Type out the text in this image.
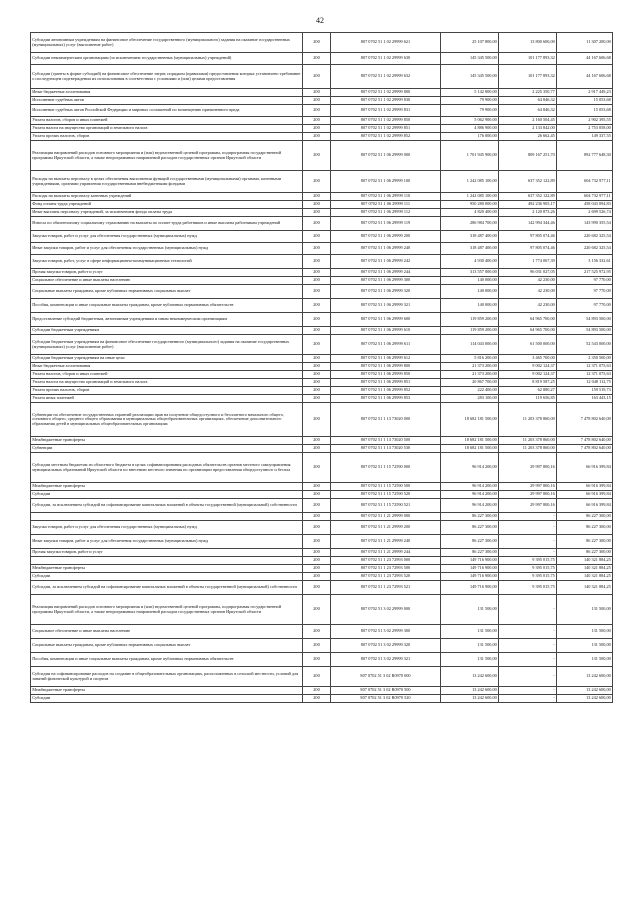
42
Субсидии автономным учреждениям на финансовое обеспечение государственного (муниципального) задания на оказание государственных (муниципальных) услуг (выполнение работ)	200	807 0702 51 1 02 29999 621	25 107 800,00	13 800 600,00	11 307 200,00
Субсидии некоммерческим организациям (за исключением государственных (муниципальных) учреждений)	200	807 0702 51 1 02 29999 630	145 345 500,00	101 177 893,32	44 167 606,68
Субсидии (гранты в форме субсидий) на финансовое обеспечение затрат, порядком (правилами) предоставления которых установлено требование о последующем подтверждении их использования в соответствии с условиями и (или) целями предоставления	200	807 0702 51 1 02 29999 632	145 345 500,00	101 177 893,32	44 167 606,68
Иные бюджетные ассигнования	200	807 0702 51 1 02 29999 800	5 142 800,00	2 225 350,77	2 917 449,23
Исполнение судебных актов	200	807 0702 51 1 02 29999 830	79 900,00	64 846,32	15 053,68
Исполнение судебных актов Российской Федерации и мировых соглашений по возмещению причиненного вреда	200	807 0702 51 1 02 29999 831	79 900,00	64 846,32	15 053,68
Уплата налогов, сборов и иных платежей	200	807 0702 51 1 02 29999 850	5 062 900,00	2 160 504,45	2 902 395,55
Уплата налога на имущество организаций и земельного налога	200	807 0702 51 1 02 29999 851	4 886 900,00	2 133 842,00	2 753 058,00
Уплата прочих налогов, сборов	200	807 0702 51 1 02 29999 852	176 000,00	26 662,45	149 337,55
Реализация направлений расходов основного мероприятия и (или) ведомственной целевой программы, подпрограммы государственной программы Иркутской области, а также непрограммных направлений расходов государственных органов Иркутской области	200	807 0702 51 1 06 29999 000	1 701 945 900,00	809 167 251,70	892 777 648,30
Расходы на выплаты персоналу в целях обеспечения выполнения функций государственными (муниципальными) органами, казенными учреждениями, органами управления государственными внебюджетными фондами	200	807 0702 51 1 06 29999 100	1 242 085 100,00	637 352 122,89	604 732 977,11
Расходы на выплаты персоналу казенных учреждений	200	807 0702 51 1 06 29999 110	1 242 085 100,00	637 352 122,89	604 732 977,11
Фонд оплаты труда учреждений	200	807 0702 51 1 06 29999 111	950 280 000,00	492 236 905,17	458 043 094,83
Иные выплаты персоналу учреждений, за исключением фонда оплаты труда	200	807 0702 51 1 06 29999 112	4 820 400,00	2 120 873,26	2 699 526,74
Взносы по обязательному социальному страхованию на выплаты по оплате труда работников и иные выплаты работникам учреждений	200	807 0702 51 1 06 29999 119	286 984 700,00	142 994 344,46	143 990 355,54
Закупка товаров, работ и услуг для обеспечения государственных (муниципальных) нужд	200	807 0702 51 1 06 29999 200	318 487 400,00	97 805 074,46	220 682 325,54
Иные закупки товаров, работ и услуг для обеспечения государственных (муниципальных) нужд	200	807 0702 51 1 06 29999 240	318 487 400,00	97 805 074,46	220 682 325,54
Закупка товаров, работ, услуг в сфере информационно-коммуникационных технологий	200	807 0702 51 1 06 29999 242	4 930 400,00	1 774 067,39	3 156 332,61
Прочая закупка товаров, работ и услуг	200	807 0702 51 1 06 29999 244	313 557 000,00	96 031 027,05	217 525 972,95
Социальное обеспечение и иные выплаты населению	200	807 0702 51 1 06 29999 300	140 000,00	42 230,00	97 770,00
Социальные выплаты гражданам, кроме публичных нормативных социальных выплат	200	807 0702 51 1 06 29999 320	140 000,00	42 230,00	97 770,00
Пособия, компенсации и иные социальные выплаты гражданам, кроме публичных нормативных обязательств	200	807 0702 51 1 06 29999 321	140 000,00	42 230,00	97 770,00
Предоставление субсидий бюджетным, автономным учреждениям и иным некоммерческим организациям	200	807 0702 51 1 06 29999 600	119 859 200,00	64 965 700,00	54 893 500,00
Субсидии бюджетным учреждениям	200	807 0702 51 1 06 29999 610	119 859 200,00	64 965 700,00	54 893 500,00
Субсидии бюджетным учреждениям на финансовое обеспечение государственного (муниципального) задания на оказание государственных (муниципальных) услуг (выполнение работ)	200	807 0702 51 1 06 29999 611	114 043 000,00	61 500 000,00	52 543 000,00
Субсидии бюджетным учреждениям на иные цели	200	807 0702 51 1 06 29999 612	5 816 200,00	3 465 700,00	2 350 500,00
Иные бюджетные ассигнования	200	807 0702 51 1 06 29999 800	21 373 200,00	9 002 124,37	12 371 075,63
Уплата налогов, сборов и иных платежей	200	807 0702 51 1 06 29999 850	21 373 200,00	9 002 124,37	12 371 075,63
Уплата налога на имущество организаций и земельного налога	200	807 0702 51 1 06 29999 851	20 867 700,00	8 819 587,25	12 048 112,75
Уплата прочих налогов, сборов	200	807 0702 51 1 06 29999 852	222 400,00	62 880,27	159 519,73
Уплата иных платежей	200	807 0702 51 1 06 29999 853	283 100,00	119 656,85	163 443,15
Субвенции на обеспечение государственных гарантий реализации прав на получение общедоступного и бесплатного начального общего, основного общего, среднего общего образования в муниципальных общеобразовательных организациях, обеспечение дополнительного образования детей в муниципальных общеобразовательных организациях	200	807 0702 51 1 13 73020 000	18 682 181 500,00	11 203 378 860,00	7 478 802 640,00
Межбюджетные трансферты	200	807 0702 51 1 13 73020 500	18 682 181 500,00	11 203 378 860,00	7 478 802 640,00
Субвенции	200	807 0702 51 1 13 73020 530	18 682 181 500,00	11 203 378 860,00	7 478 802 640,00
Субсидии местным бюджетам из областного бюджета в целях софинансирования расходных обязательств органов местного самоуправления муниципальных образований Иркутской области по внесению местного значения по организации предоставления общедоступного и беспла	200	807 0702 51 1 15 72590 000	96 914 200,00	29 997 800,16	66 916 399,84
Межбюджетные трансферты	200	807 0702 51 1 15 72590 500	96 914 200,00	29 997 800,16	66 916 399,84
Субсидии	200	807 0702 51 1 15 72590 520	96 914 200,00	29 997 800,16	66 916 399,84
Субсидии, за исключением субсидий на софинансирование капитальных вложений в объекты государственной (муниципальной) собственности	200	807 0702 51 1 15 72590 521	96 914 200,00	29 997 800,16	66 916 399,84
	200	807 0702 51 1 21 29999 000	86 227 300,00	-	86 227 300,00
Закупка товаров, работ и услуг для обеспечения государственных (муниципальных) нужд	200	807 0702 51 1 21 29999 200	86 227 300,00	-	86 227 300,00
Иные закупки товаров, работ и услуг для обеспечения государственных (муниципальных) нужд	200	807 0702 51 1 21 29999 240	86 227 300,00	-	86 227 300,00
Прочая закупка товаров, работ и услуг	200	807 0702 51 1 21 29999 244	86 227 300,00	-	86 227 300,00
	200	807 0702 51 1 23 72993 000	149 716 900,00	9 395 015,75	140 321 884,25
Межбюджетные трансферты	200	807 0702 51 1 23 72993 500	149 716 900,00	9 395 015,75	140 321 884,25
Субсидии	200	807 0702 51 1 23 72993 520	149 716 900,00	9 395 015,75	140 321 884,25
Субсидии, за исключением субсидий на софинансирование капитальных вложений в объекты государственной (муниципальной) собственности	200	807 0702 51 1 23 72993 521	149 716 900,00	9 395 015,75	140 321 884,25
Реализация направлений расходов основного мероприятия и (или) ведомственной целевой программы, подпрограммы государственной программы Иркутской области, а также непрограммных направлений расходов государственных органов Иркутской области	200	807 0702 51 3 02 29999 000	131 500,00	-	131 500,00
Социальное обеспечение и иные выплаты населению	200	807 0702 51 3 02 29999 300	131 500,00	-	131 500,00
Социальные выплаты гражданам, кроме публичных нормативных социальных выплат	200	807 0702 51 3 02 29999 320	131 500,00	-	131 500,00
Пособия, компенсации и иные социальные выплаты гражданам, кроме публичных нормативных обязательств	200	807 0702 51 3 02 29999 321	131 500,00	-	131 500,00
Субсидии на софинансирование расходов на создание в общеобразовательных организациях, расположенных в сельской местности, условий для занятий физической культурой и спортом	200	807 0702 51 3 02 R0970 000	13 242 600,00	-	13 242 600,00
Межбюджетные трансферты	200	807 0702 51 3 02 R0970 500	13 242 600,00	-	13 242 600,00
Субсидии	200	807 0702 51 3 02 R0970 520	13 242 600,00	-	13 242 600,00
